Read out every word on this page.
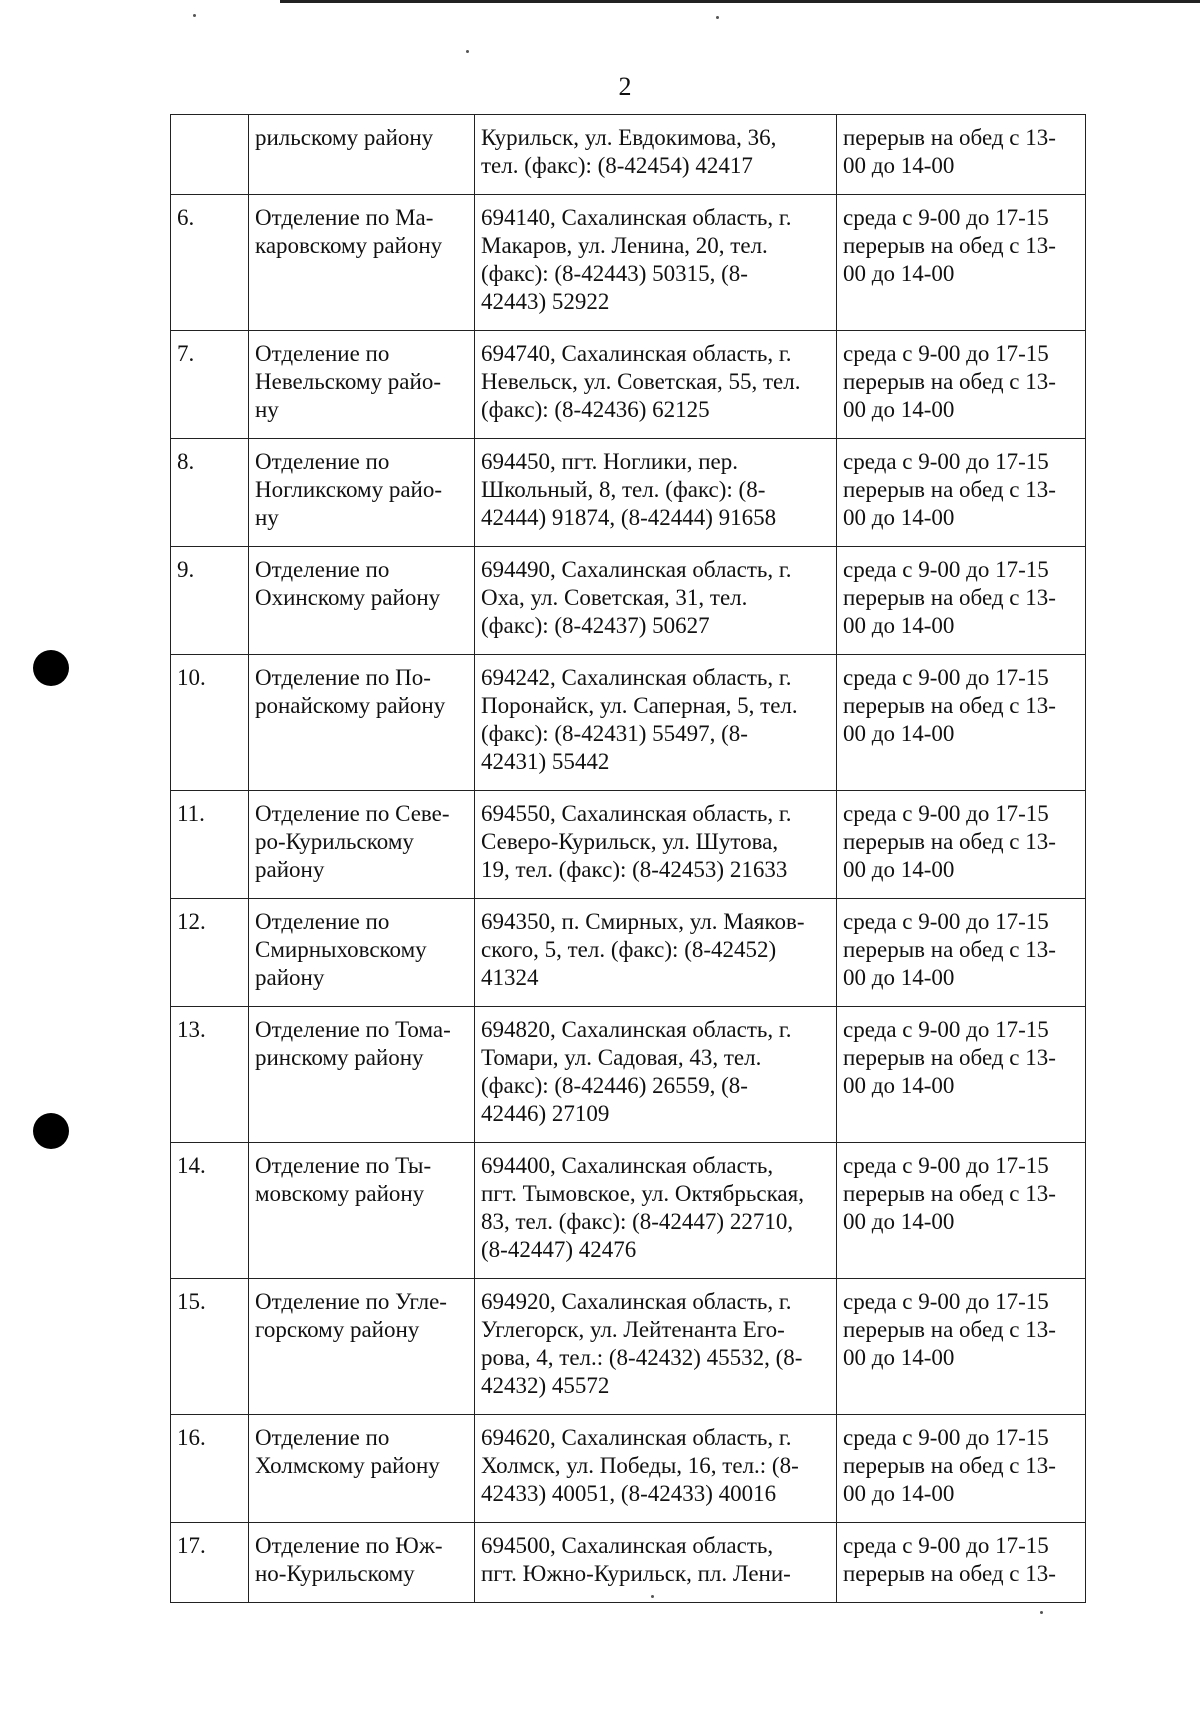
2

	рильскому району	Курильск, ул. Евдокимова, 36,
тел. (факс): (8-42454) 42417	перерыв на обед с 13-
00 до 14-00

6.	Отделение по Ма-
каровскому району	694140, Сахалинская область, г.
Макаров, ул. Ленина, 20, тел.
(факс): (8-42443) 50315, (8-
42443) 52922	среда с 9-00 до 17-15
перерыв на обед с 13-
00 до 14-00

7.	Отделение по
Невельскому райо-
ну	694740, Сахалинская область, г.
Невельск, ул. Советская, 55, тел.
(факс): (8-42436) 62125	среда с 9-00 до 17-15
перерыв на обед с 13-
00 до 14-00

8.	Отделение по
Ногликскому райо-
ну	694450, пгт. Ноглики, пер.
Школьный, 8, тел. (факс): (8-
42444) 91874, (8-42444) 91658	среда с 9-00 до 17-15
перерыв на обед с 13-
00 до 14-00

9.	Отделение по
Охинскому району	694490, Сахалинская область, г.
Оха, ул. Советская, 31, тел.
(факс): (8-42437) 50627	среда с 9-00 до 17-15
перерыв на обед с 13-
00 до 14-00

10.	Отделение по По-
ронайскому району	694242, Сахалинская область, г.
Поронайск, ул. Саперная, 5, тел.
(факс): (8-42431) 55497, (8-
42431) 55442	среда с 9-00 до 17-15
перерыв на обед с 13-
00 до 14-00

11.	Отделение по Севе-
ро-Курильскому
району	694550, Сахалинская область, г.
Северо-Курильск, ул. Шутова,
19, тел. (факс): (8-42453) 21633	среда с 9-00 до 17-15
перерыв на обед с 13-
00 до 14-00

12.	Отделение по
Смирныховскому
району	694350, п. Смирных, ул. Маяков-
ского, 5, тел. (факс): (8-42452)
41324	среда с 9-00 до 17-15
перерыв на обед с 13-
00 до 14-00

13.	Отделение по Тома-
ринскому району	694820, Сахалинская область, г.
Томари, ул. Садовая, 43, тел.
(факс): (8-42446) 26559, (8-
42446) 27109	среда с 9-00 до 17-15
перерыв на обед с 13-
00 до 14-00

14.	Отделение по Ты-
мовскому району	694400, Сахалинская область,
пгт. Тымовское, ул. Октябрьская,
83, тел. (факс): (8-42447) 22710,
(8-42447) 42476	среда с 9-00 до 17-15
перерыв на обед с 13-
00 до 14-00

15.	Отделение по Угле-
горскому району	694920, Сахалинская область, г.
Углегорск, ул. Лейтенанта Его-
рова, 4, тел.: (8-42432) 45532, (8-
42432) 45572	среда с 9-00 до 17-15
перерыв на обед с 13-
00 до 14-00

16.	Отделение по
Холмскому району	694620, Сахалинская область, г.
Холмск, ул. Победы, 16, тел.: (8-
42433) 40051, (8-42433) 40016	среда с 9-00 до 17-15
перерыв на обед с 13-
00 до 14-00

17.	Отделение по Юж-
но-Курильскому	694500, Сахалинская область,
пгт. Южно-Курильск, пл. Лени-	среда с 9-00 до 17-15
перерыв на обед с 13-
